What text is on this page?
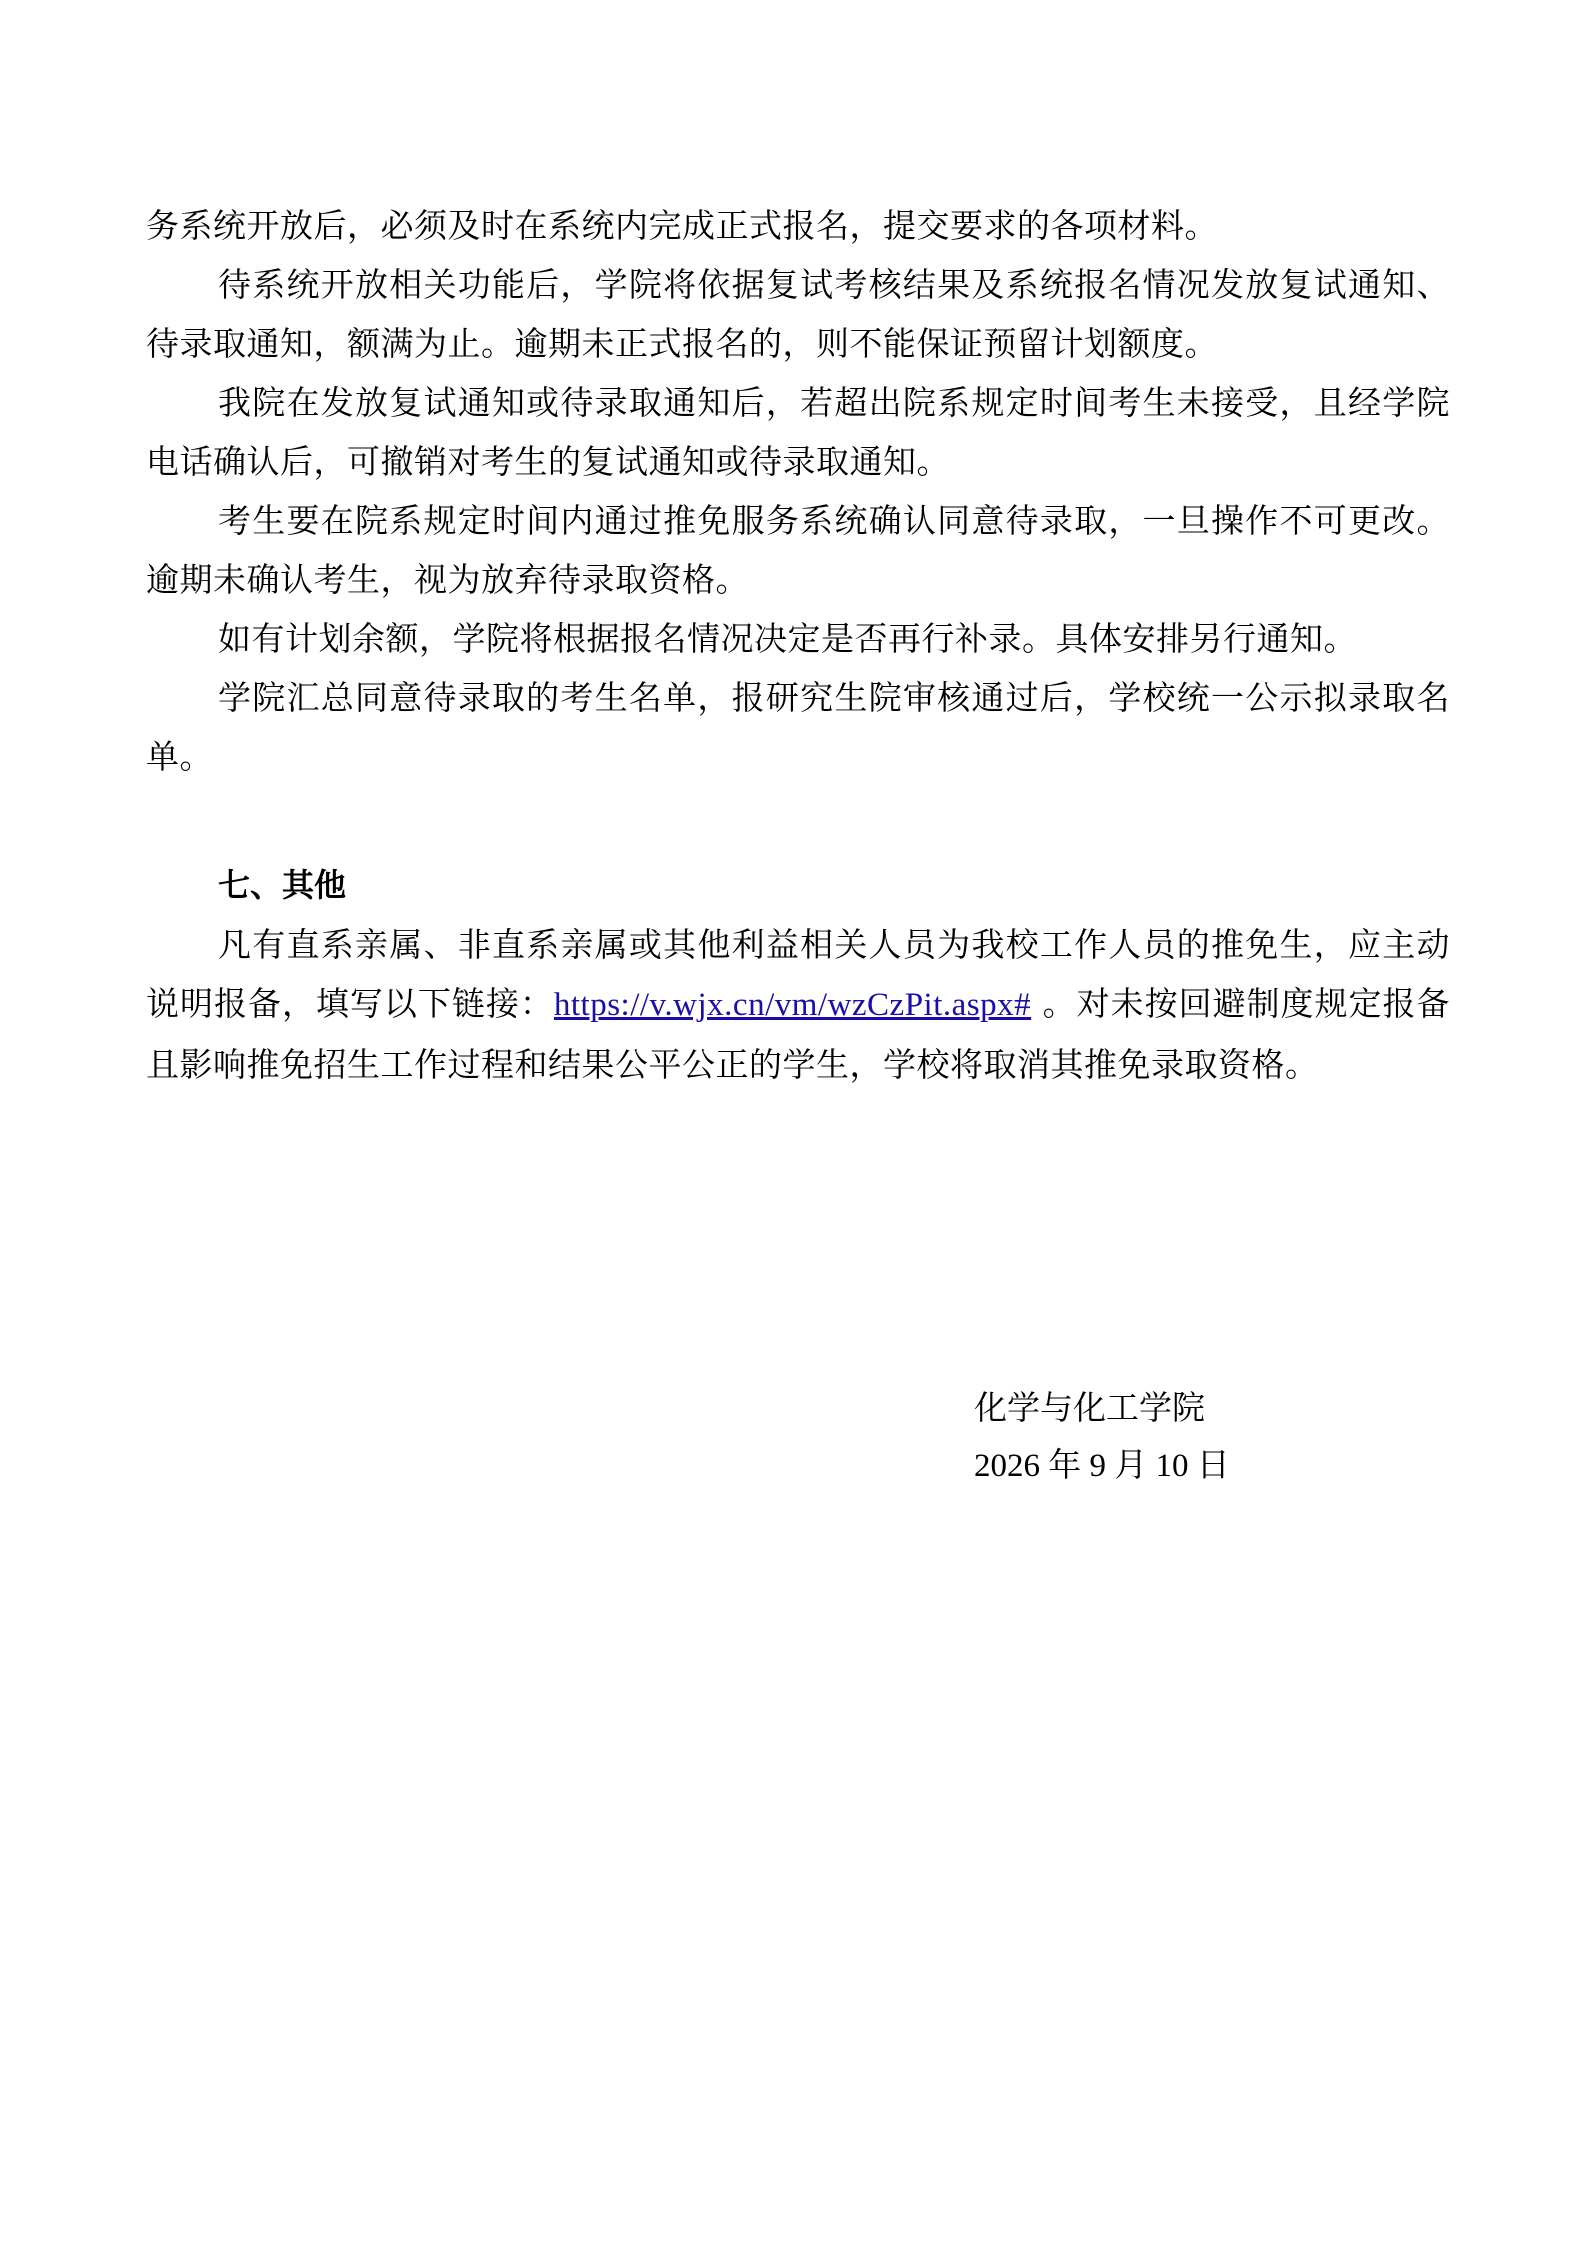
务系统开放后，必须及时在系统内完成正式报名，提交要求的各项材料。

待系统开放相关功能后，学院将依据复试考核结果及系统报名情况发放复试通知、待录取通知，额满为止。逾期未正式报名的，则不能保证预留计划额度。

我院在发放复试通知或待录取通知后，若超出院系规定时间考生未接受，且经学院电话确认后，可撤销对考生的复试通知或待录取通知。

考生要在院系规定时间内通过推免服务系统确认同意待录取，一旦操作不可更改。逾期未确认考生，视为放弃待录取资格。

如有计划余额，学院将根据报名情况决定是否再行补录。具体安排另行通知。

学院汇总同意待录取的考生名单，报研究生院审核通过后，学校统一公示拟录取名单。

七、其他

凡有直系亲属、非直系亲属或其他利益相关人员为我校工作人员的推免生，应主动说明报备，填写以下链接：https://v.wjx.cn/vm/wzCzPit.aspx# 。对未按回避制度规定报备且影响推免招生工作过程和结果公平公正的学生，学校将取消其推免录取资格。

化学与化工学院
2026 年 9 月 10 日
